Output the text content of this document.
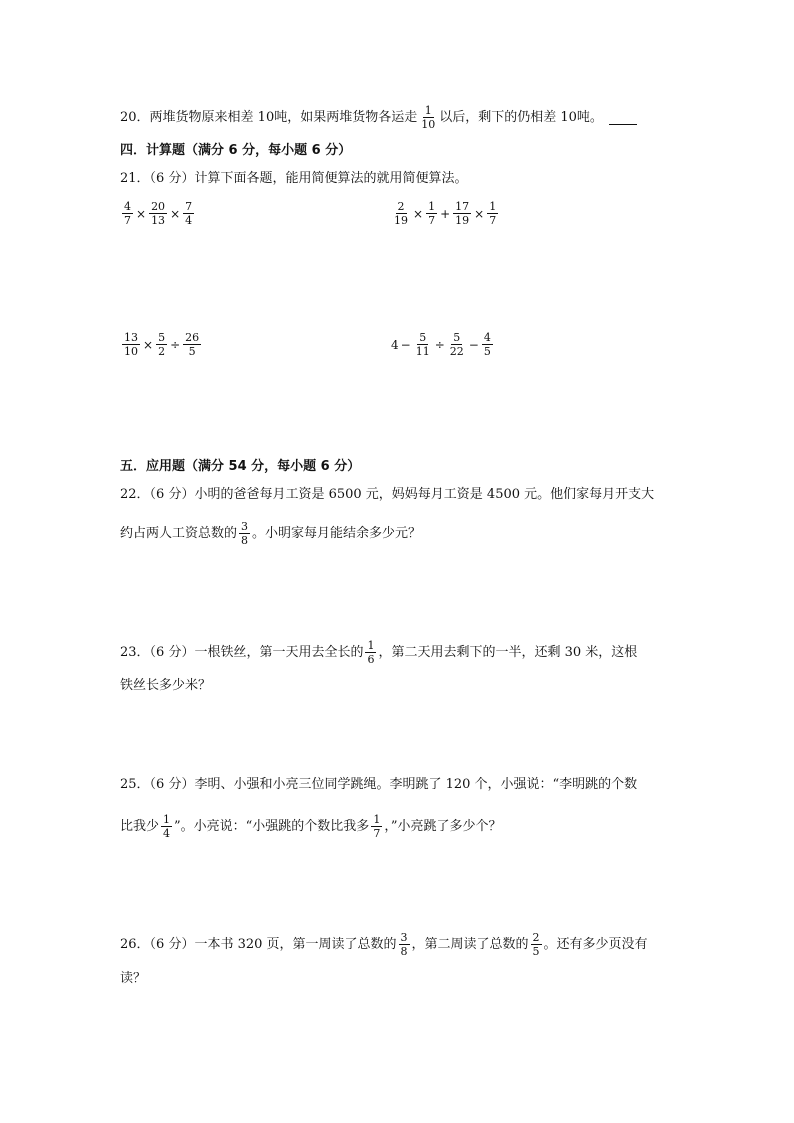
20．两堆货物原来相差 10吨，如果两堆货物各运走 $\frac{1}{10}$ 以后，剩下的仍相差 10吨。
四．计算题（满分 6 分，每小题 6 分）
21．（6 分）计算下面各题，能用简便算法的就用简便算法。
$\frac{4}{7} \times \frac{20}{13} \times \frac{7}{4}$	$\frac{2}{19} \times \frac{1}{7} + \frac{17}{19} \times \frac{1}{7}$
$\frac{13}{10} \times \frac{5}{2} \div \frac{26}{5}$	$4 - \frac{5}{11} \div \frac{5}{22} - \frac{4}{5}$
五．应用题（满分 54 分，每小题 6 分）
22．（6 分）小明的爸爸每月工资是 6500 元，妈妈每月工资是 4500 元。他们家每月开支大
约占两人工资总数的 $\frac{3}{8}$ 。小明家每月能结余多少元？
23．（6 分）一根铁丝，第一天用去全长的 $\frac{1}{6}$ ，第二天用去剩下的一半，还剩 30 米，这根
铁丝长多少米？
25．（6 分）李明、小强和小亮三位同学跳绳。李明跳了 120 个，小强说：“李明跳的个数
比我少 $\frac{1}{4}$ ”。小亮说：“小强跳的个数比我多 $\frac{1}{7}$ ，”小亮跳了多少个？
26．（6 分）一本书 320 页，第一周读了总数的 $\frac{3}{8}$ ，第二周读了总数的 $\frac{2}{5}$ 。还有多少页没有
读？
